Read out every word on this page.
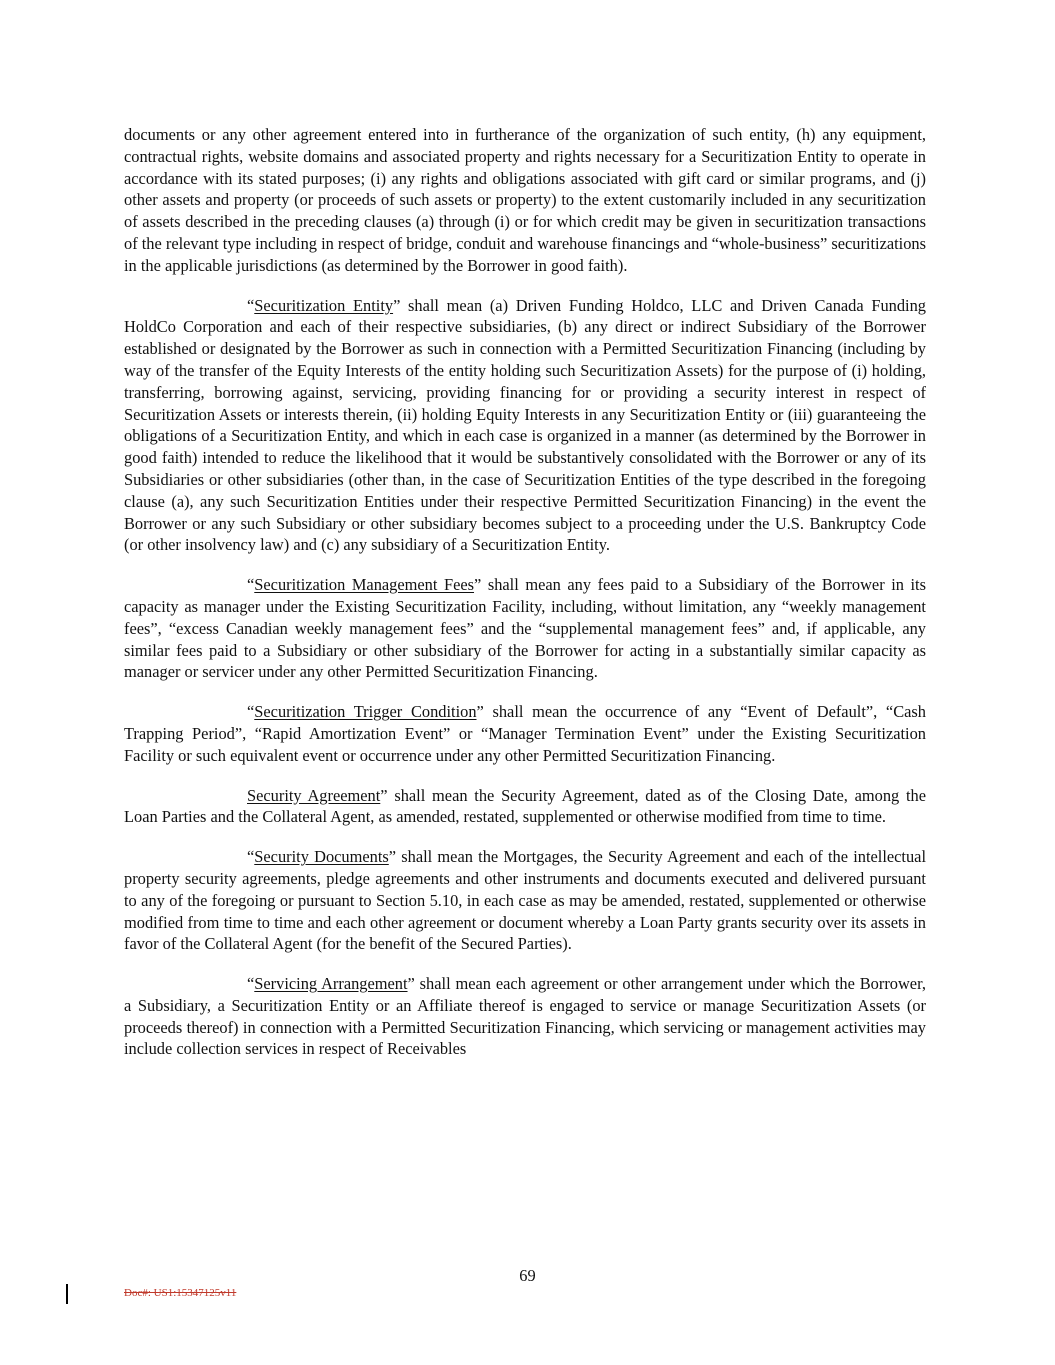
documents or any other agreement entered into in furtherance of the organization of such entity, (h) any equipment, contractual rights, website domains and associated property and rights necessary for a Securitization Entity to operate in accordance with its stated purposes; (i) any rights and obligations associated with gift card or similar programs, and (j) other assets and property (or proceeds of such assets or property) to the extent customarily included in any securitization of assets described in the preceding clauses (a) through (i) or for which credit may be given in securitization transactions of the relevant type including in respect of bridge, conduit and warehouse financings and “whole-business” securitizations in the applicable jurisdictions (as determined by the Borrower in good faith).

“Securitization Entity” shall mean (a) Driven Funding Holdco, LLC and Driven Canada Funding HoldCo Corporation and each of their respective subsidiaries, (b) any direct or indirect Subsidiary of the Borrower established or designated by the Borrower as such in connection with a Permitted Securitization Financing (including by way of the transfer of the Equity Interests of the entity holding such Securitization Assets) for the purpose of (i) holding, transferring, borrowing against, servicing, providing financing for or providing a security interest in respect of Securitization Assets or interests therein, (ii) holding Equity Interests in any Securitization Entity or (iii) guaranteeing the obligations of a Securitization Entity, and which in each case is organized in a manner (as determined by the Borrower in good faith) intended to reduce the likelihood that it would be substantively consolidated with the Borrower or any of its Subsidiaries or other subsidiaries (other than, in the case of Securitization Entities of the type described in the foregoing clause (a), any such Securitization Entities under their respective Permitted Securitization Financing) in the event the Borrower or any such Subsidiary or other subsidiary becomes subject to a proceeding under the U.S. Bankruptcy Code (or other insolvency law) and (c) any subsidiary of a Securitization Entity.

“Securitization Management Fees” shall mean any fees paid to a Subsidiary of the Borrower in its capacity as manager under the Existing Securitization Facility, including, without limitation, any “weekly management fees”, “excess Canadian weekly management fees” and the “supplemental management fees” and, if applicable, any similar fees paid to a Subsidiary or other subsidiary of the Borrower for acting in a substantially similar capacity as manager or servicer under any other Permitted Securitization Financing.

“Securitization Trigger Condition” shall mean the occurrence of any “Event of Default”, “Cash Trapping Period”, “Rapid Amortization Event” or “Manager Termination Event” under the Existing Securitization Facility or such equivalent event or occurrence under any other Permitted Securitization Financing.

Security Agreement” shall mean the Security Agreement, dated as of the Closing Date, among the Loan Parties and the Collateral Agent, as amended, restated, supplemented or otherwise modified from time to time.

“Security Documents” shall mean the Mortgages, the Security Agreement and each of the intellectual property security agreements, pledge agreements and other instruments and documents executed and delivered pursuant to any of the foregoing or pursuant to Section 5.10, in each case as may be amended, restated, supplemented or otherwise modified from time to time and each other agreement or document whereby a Loan Party grants security over its assets in favor of the Collateral Agent (for the benefit of the Secured Parties).

“Servicing Arrangement” shall mean each agreement or other arrangement under which the Borrower, a Subsidiary, a Securitization Entity or an Affiliate thereof is engaged to service or manage Securitization Assets (or proceeds thereof) in connection with a Permitted Securitization Financing, which servicing or management activities may include collection services in respect of Receivables

69
Doc#: US1:15347125v11
